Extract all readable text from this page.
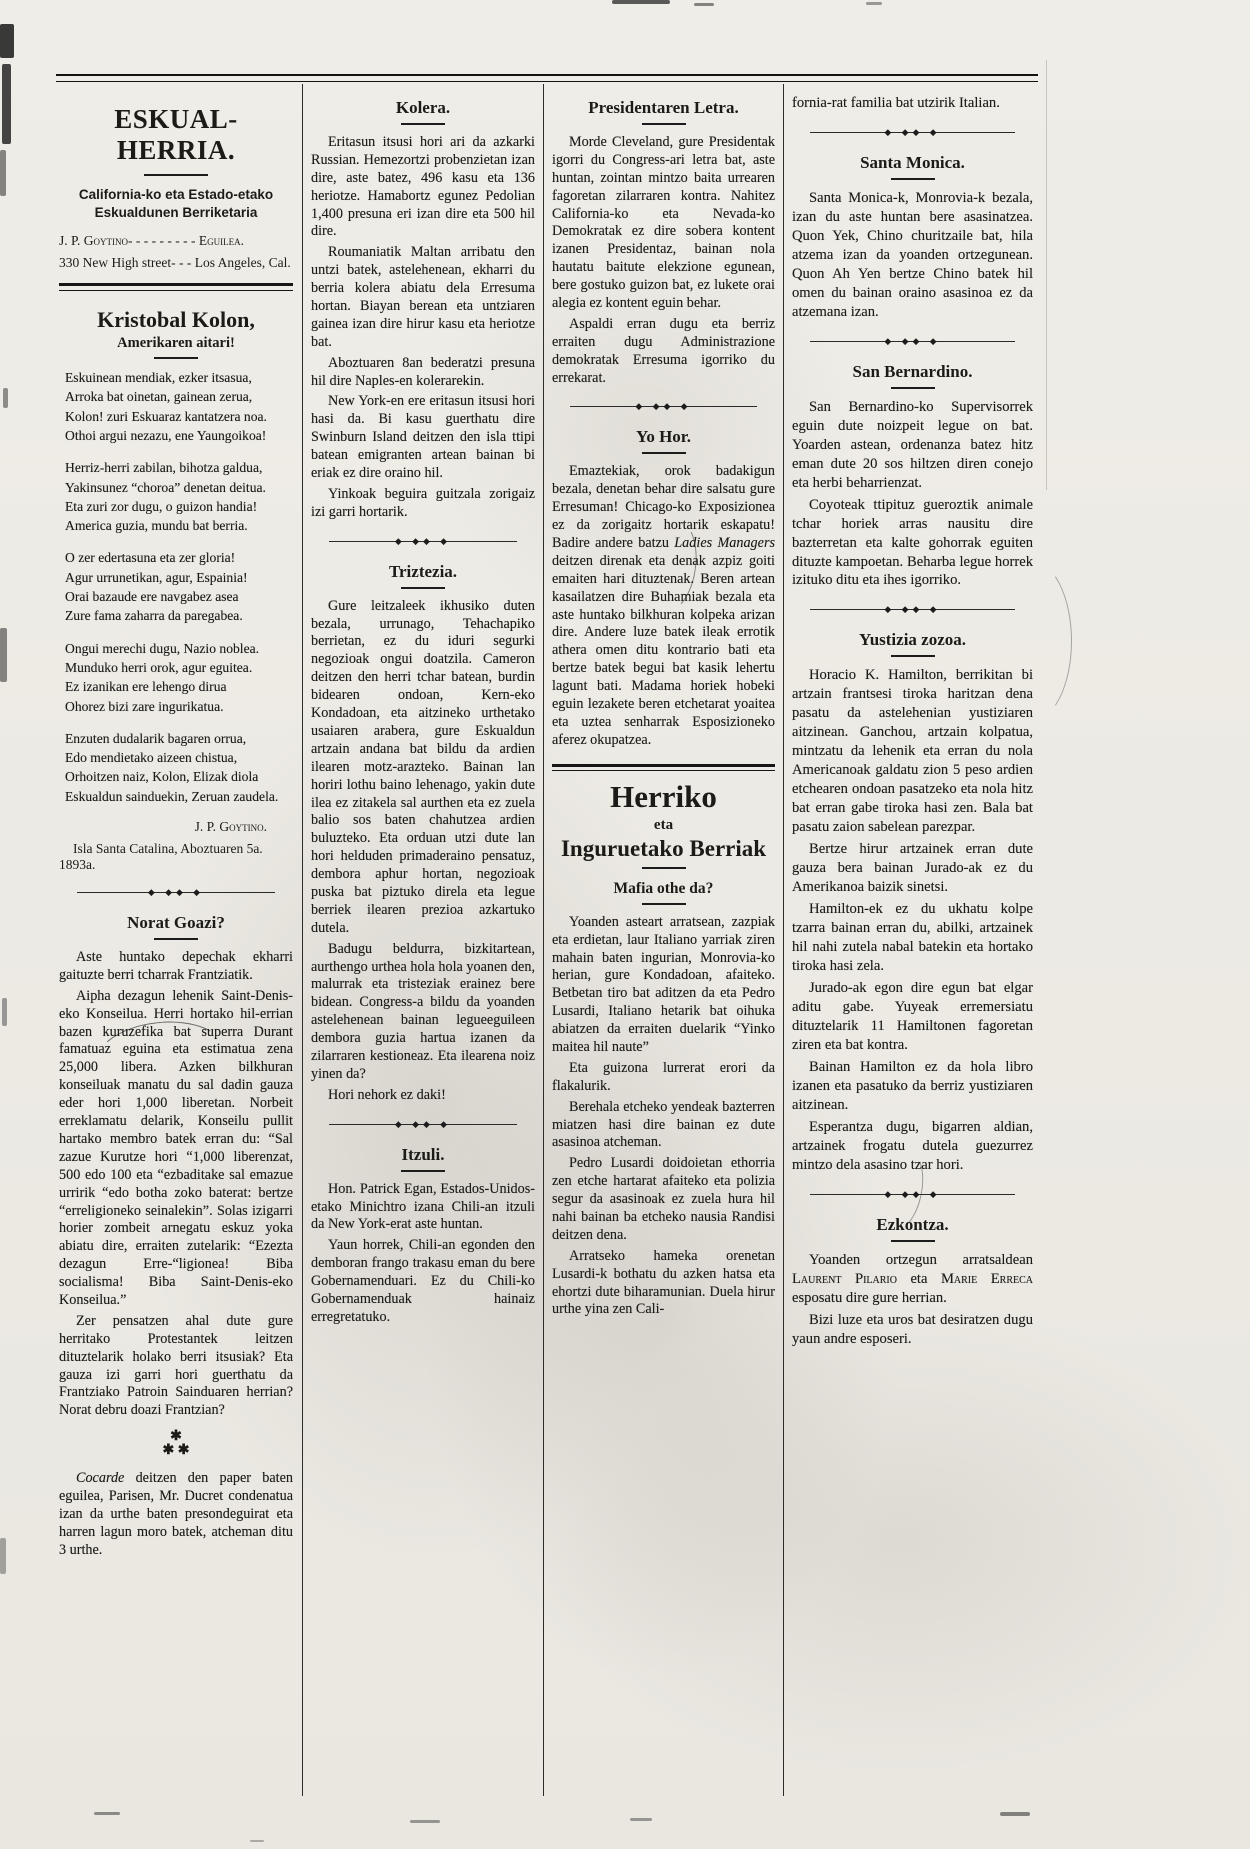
ESKUAL-HERRIA.
California-ko eta Estado-etako
Eskualdunen Berriketaria
J. P. Goytino- - - - - - - - - Eguilea.
330 New High street- - - Los Angeles, Cal.
Kristobal Kolon,
Amerikaren aitari!
Eskuinean mendiak, ezker itsasua,
Arroka bat oinetan, gainean zerua,
Kolon! zuri Eskuaraz kantatzera noa.
Othoi argui nezazu, ene Yaungoikoa!
Herriz-herri zabilan, bihotza galdua,
Yakinsunez “choroa” denetan deitua.
Eta zuri zor dugu, o guizon handia!
America guzia, mundu bat berria.
O zer edertasuna eta zer gloria!
Agur urrunetikan, agur, Espainia!
Orai bazaude ere navgabez asea
Zure fama zaharra da paregabea.
Ongui merechi dugu, Nazio noblea.
Munduko herri orok, agur eguitea.
Ez izanikan ere lehengo dirua
Ohorez bizi zare ingurikatua.
Enzuten dudalarik bagaren orrua,
Edo mendietako aizeen chistua,
Orhoitzen naiz, Kolon, Elizak diola
Eskualdun sainduekin, Zeruan zaudela.

J. P. Goytino.

Isla Santa Catalina, Aboztuaren 5a. 1893a.

◆ ◆◆ ◆
Norat Goazi?

Aste huntako depechak ekharri gaituzte berri tcharrak Frantziatik.

Aipha dezagun lehenik Saint-Denis-eko Konseilua. Herri hortako hil-errian bazen kuruzefika bat superra Durant famatuaz eguina eta estimatua zena 25,000 libera. Azken bilkhuran konseiluak manatu du sal dadin gauza eder hori 1,000 liberetan. Norbeit erreklamatu delarik, Konseilu pullit hartako membro batek erran du: “Sal zazue Kurutze hori “1,000 liberenzat, 500 edo 100 eta “ezbaditake sal emazue urririk “edo botha zoko baterat: bertze “erreligioneko seinalekin”. Solas izigarri horier zombeit arnegatu eskuz yoka abiatu dire, erraiten zutelarik: “Ezezta dezagun Erre-“ligionea! Biba socialisma! Biba Saint-Denis-eko Konseilua.”

Zer pensatzen ahal dute gure herritako Protestantek leitzen dituztelarik holako berri itsusiak? Eta gauza izi garri hori guerthatu da Frantziako Patroin Sainduaren herrian? Norat debru doazi Frantzian?

✱
✱ ✱

Cocarde deitzen den paper baten eguilea, Parisen, Mr. Ducret condenatua izan da urthe baten presondeguirat eta harren lagun moro batek, atcheman ditu 3 urthe.

Kolera.

Eritasun itsusi hori ari da azkarki Russian. Hemezortzi probenzietan izan dire, aste batez, 496 kasu eta 136 heriotze. Hamabortz egunez Pedolian 1,400 presuna eri izan dire eta 500 hil dire.

Roumaniatik Maltan arribatu den untzi batek, astelehenean, ekharri du berria kolera abiatu dela Erresuma hortan. Biayan berean eta untziaren gainea izan dire hirur kasu eta heriotze bat.

Aboztuaren 8an bederatzi presuna hil dire Naples-en kolerarekin.

New York-en ere eritasun itsusi hori hasi da. Bi kasu guerthatu dire Swinburn Island deitzen den isla ttipi batean emigranten artean bainan bi eriak ez dire oraino hil.

Yinkoak beguira guitzala zorigaiz izi garri hortarik.

◆ ◆◆ ◆
Triztezia.

Gure leitzaleek ikhusiko duten bezala, urrunago, Tehachapiko berrietan, ez du iduri segurki negozioak ongui doatzila. Cameron deitzen den herri tchar batean, burdin bidearen ondoan, Kern-eko Kondadoan, eta aitzineko urthetako usaiaren arabera, gure Eskualdun artzain andana bat bildu da ardien ilearen motz-arazteko. Bainan lan horiri lothu baino lehenago, yakin dute ilea ez zitakela sal aurthen eta ez zuela balio sos baten chahutzea ardien buluzteko. Eta orduan utzi dute lan hori helduden primaderaino pensatuz, dembora aphur hortan, negozioak puska bat piztuko direla eta legue berriek ilearen prezioa azkartuko dutela.

Badugu beldurra, bizkitartean, aurthengo urthea hola hola yoanen den, malurrak eta tristeziak erainez bere bidean. Congress-a bildu da yoanden astelehenean bainan legueeguileen dembora guzia hartua izanen da zilarraren kestioneaz. Eta ilearena noiz yinen da?

Hori nehork ez daki!

◆ ◆◆ ◆
Itzuli.

Hon. Patrick Egan, Estados-Unidos-etako Minichtro izana Chili-an itzuli da New York-erat aste huntan.

Yaun horrek, Chili-an egonden den demboran frango trakasu eman du bere Gobernamenduari. Ez du Chili-ko Gobernamenduak hainaiz erregretatuko.

Presidentaren Letra.

Morde Cleveland, gure Presidentak igorri du Congress-ari letra bat, aste huntan, zointan mintzo baita urrearen fagoretan zilarraren kontra. Nahitez California-ko eta Nevada-ko Demokratak ez dire sobera kontent izanen Presidentaz, bainan nola hautatu baitute elekzione egunean, bere gostuko guizon bat, ez lukete orai alegia ez kontent eguin behar.

Aspaldi erran dugu eta berriz erraiten dugu Administrazione demokratak Erresuma igorriko du errekarat.

◆ ◆◆ ◆
Yo Hor.

Emaztekiak, orok badakigun bezala, denetan behar dire salsatu gure Erresuman! Chicago-ko Exposizionea ez da zorigaitz hortarik eskapatu! Badire andere batzu Ladies Managers deitzen direnak eta denak azpiz goiti emaiten hari dituztenak. Beren artean kasailatzen dire Buhamiak bezala eta aste huntako bilkhuran kolpeka arizan dire. Andere luze batek ileak errotik athera omen ditu kontrario bati eta bertze batek begui bat kasik lehertu lagunt bati. Madama horiek hobeki eguin lezakete beren etchetarat yoaitea eta uztea senharrak Esposizioneko aferez okupatzea.

Herriko
eta
Inguruetako Berriak
Mafia othe da?

Yoanden asteart arratsean, zazpiak eta erdietan, laur Italiano yarriak ziren mahain baten ingurian, Monrovia-ko herian, gure Kondadoan, afaiteko. Betbetan tiro bat aditzen da eta Pedro Lusardi, Italiano hetarik bat oihuka abiatzen da erraiten duelarik “Yinko maitea hil naute”

Eta guizona lurrerat erori da flakalurik.

Berehala etcheko yendeak bazterren miatzen hasi dire bainan ez dute asasinoa atcheman.

Pedro Lusardi doidoietan ethorria zen etche hartarat afaiteko eta polizia segur da asasinoak ez zuela hura hil nahi bainan ba etcheko nausia Randisi deitzen dena.

Arratseko hameka orenetan Lusardi-k bothatu du azken hatsa eta ehortzi dute biharamunian. Duela hirur urthe yina zen Cali-

fornia-rat familia bat utzirik Italian.

◆ ◆◆ ◆
Santa Monica.

Santa Monica-k, Monrovia-k bezala, izan du aste huntan bere asasinatzea. Quon Yek, Chino churitzaile bat, hila atzema izan da yoanden ortzegunean. Quon Ah Yen bertze Chino batek hil omen du bainan oraino asasinoa ez da atzemana izan.

◆ ◆◆ ◆
San Bernardino.

San Bernardino-ko Supervisorrek eguin dute noizpeit legue on bat. Yoarden astean, ordenanza batez hitz eman dute 20 sos hiltzen diren conejo eta herbi beharrienzat.

Coyoteak ttipituz gueroztik animale tchar horiek arras nausitu dire bazterretan eta kalte gohorrak eguiten dituzte kampoetan. Beharba legue horrek izituko ditu eta ihes igorriko.

◆ ◆◆ ◆
Yustizia zozoa.

Horacio K. Hamilton, berrikitan bi artzain frantsesi tiroka haritzan dena pasatu da astelehenian yustiziaren aitzinean. Ganchou, artzain kolpatua, mintzatu da lehenik eta erran du nola Americanoak galdatu zion 5 peso ardien etchearen ondoan pasatzeko eta nola hitz bat erran gabe tiroka hasi zen. Bala bat pasatu zaion sabelean parezpar.

Bertze hirur artzainek erran dute gauza bera bainan Jurado-ak ez du Amerikanoa baizik sinetsi.

Hamilton-ek ez du ukhatu kolpe tzarra bainan erran du, abilki, artzainek hil nahi zutela nabal batekin eta hortako tiroka hasi zela.

Jurado-ak egon dire egun bat elgar aditu gabe. Yuyeak erremersiatu dituztelarik 11 Hamiltonen fagoretan ziren eta bat kontra.

Bainan Hamilton ez da hola libro izanen eta pasatuko da berriz yustiziaren aitzinean.

Esperantza dugu, bigarren aldian, artzainek frogatu dutela guezurrez mintzo dela asasino tzar hori.

◆ ◆◆ ◆
Ezkontza.

Yoanden ortzegun arratsaldean Laurent Pilario eta Marie Erreca esposatu dire gure herrian.

Bizi luze eta uros bat desiratzen dugu yaun andre esposeri.
